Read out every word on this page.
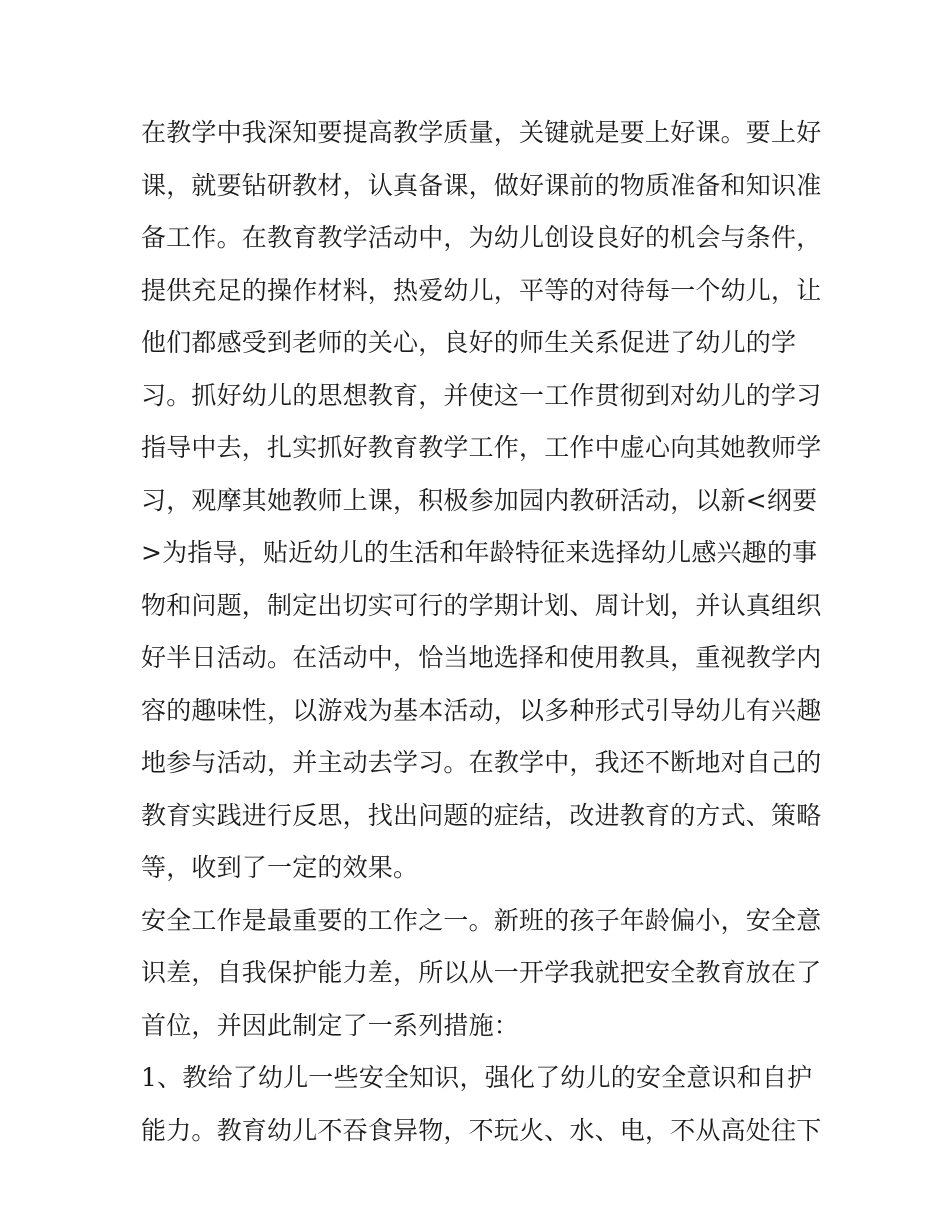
在教学中我深知要提高教学质量，关键就是要上好课。要上好
课，就要钻研教材，认真备课，做好课前的物质准备和知识准
备工作。在教育教学活动中，为幼儿创设良好的机会与条件，
提供充足的操作材料，热爱幼儿，平等的对待每一个幼儿，让
他们都感受到老师的关心，良好的师生关系促进了幼儿的学
习。抓好幼儿的思想教育，并使这一工作贯彻到对幼儿的学习
指导中去，扎实抓好教育教学工作，工作中虚心向其她教师学
习，观摩其她教师上课，积极参加园内教研活动，以新<纲要
>为指导，贴近幼儿的生活和年龄特征来选择幼儿感兴趣的事
物和问题，制定出切实可行的学期计划、周计划，并认真组织
好半日活动。在活动中，恰当地选择和使用教具，重视教学内
容的趣味性，以游戏为基本活动，以多种形式引导幼儿有兴趣
地参与活动，并主动去学习。在教学中，我还不断地对自己的
教育实践进行反思，找出问题的症结，改进教育的方式、策略
等，收到了一定的效果。
安全工作是最重要的工作之一。新班的孩子年龄偏小，安全意
识差，自我保护能力差，所以从一开学我就把安全教育放在了
首位，并因此制定了一系列措施：
1、教给了幼儿一些安全知识，强化了幼儿的安全意识和自护
能力。教育幼儿不吞食异物，不玩火、水、电，不从高处往下
